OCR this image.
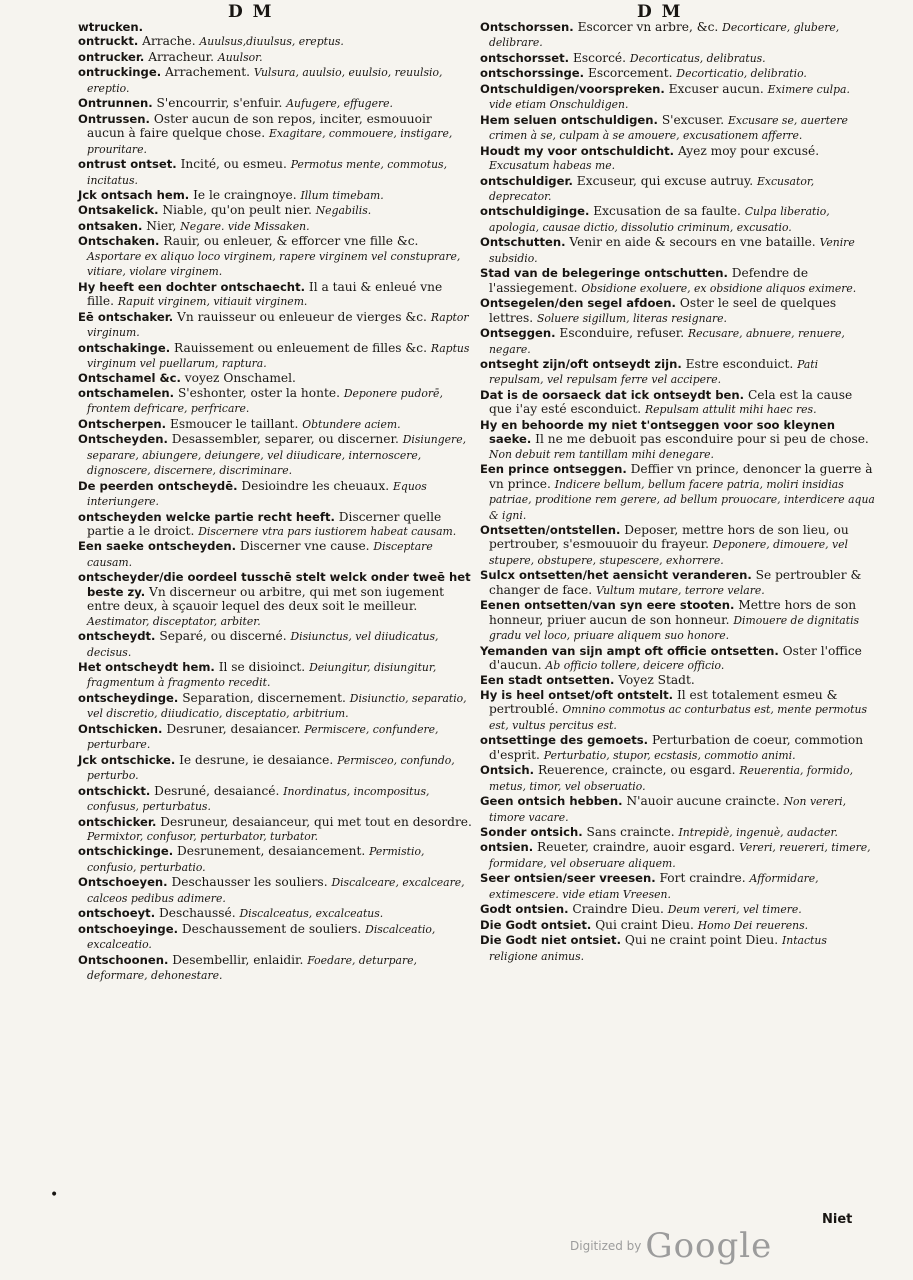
D M	D M

wtrucken.

ontruckt. Arrache. Auulsus,diuulsus, ereptus.

ontrucker. Arracheur. Auulsor.

ontruckinge. Arrachement. Vulsura, auulsio, euulsio, reuulsio, ereptio.

Ontrunnen. S'encourrir, s'enfuir. Aufugere, effugere.

Ontrussen. Oster aucun de son repos, inciter, esmouuoir aucun à faire quelque chose. Exagitare, commouere, instigare, prouritare.

ontrust ontset. Incité, ou esmeu. Permotus mente, commotus, incitatus.

Jck ontsach hem. Ie le craingnoye. Illum timebam.

Ontsakelick. Niable, qu'on peult nier. Negabilis.

ontsaken. Nier, Negare. vide Missaken.

Ontschaken. Rauir, ou enleuer, & efforcer vne fille &c. Asportare ex aliquo loco virginem, rapere virginem vel constuprare, vitiare, violare virginem.

Hy heeft een dochter ontschaecht. Il a taui & enleué vne fille. Rapuit virginem, vitiauit virginem.

Eē ontschaker. Vn rauisseur ou enleueur de vierges &c. Raptor virginum.

ontschakinge. Rauissement ou enleuement de filles &c. Raptus virginum vel puellarum, raptura.

Ontschamel &c. voyez Onschamel.

ontschamelen. S'eshonter, oster la honte. Deponere pudorē, frontem defricare, perfricare.

Ontscherpen. Esmoucer le taillant. Obtundere aciem.

Ontscheyden. Desassembler, separer, ou discerner. Disiungere, separare, abiungere, deiungere, vel diiudicare, internoscere, dignoscere, discernere, discriminare.

De peerden ontscheydē. Desioindre les cheuaux. Equos interiungere.

ontscheyden welcke partie recht heeft. Discerner quelle partie a le droict. Discernere vtra pars iustiorem habeat causam.

Een saeke ontscheyden. Discerner vne cause. Disceptare causam.

ontscheyder/die oordeel tusschē stelt welck onder tweē het beste zy. Vn discerneur ou arbitre, qui met son iugement entre deux, à sçauoir lequel des deux soit le meilleur. Aestimator, disceptator, arbiter.

ontscheydt. Separé, ou discerné. Disiunctus, vel diiudicatus, decisus.

Het ontscheydt hem. Il se disioinct. Deiungitur, disiungitur, fragmentum à fragmento recedit.

ontscheydinge. Separation, discernement. Disiunctio, separatio, vel discretio, diiudicatio, disceptatio, arbitrium.

Ontschicken. Desruner, desaiancer. Permiscere, confundere, perturbare.

Jck ontschicke. Ie desrune, ie desaiance. Permisceo, confundo, perturbo.

ontschickt. Desruné, desaiancé. Inordinatus, incompositus, confusus, perturbatus.

ontschicker. Desruneur, desaianceur, qui met tout en desordre. Permixtor, confusor, perturbator, turbator.

ontschickinge. Desrunement, desaiancement. Permistio, confusio, perturbatio.

Ontschoeyen. Deschausser les souliers. Discalceare, excalceare, calceos pedibus adimere.

ontschoeyt. Deschaussé. Discalceatus, excalceatus.

ontschoeyinge. Deschaussement de souliers. Discalceatio, excalceatio.

Ontschoonen. Desembellir, enlaidir. Foedare, deturpare, deformare, dehonestare.

Ontschorssen. Escorcer vn arbre, &c. Decorticare, glubere, delibrare.

ontschorsset. Escorcé. Decorticatus, delibratus.

ontschorssinge. Escorcement. Decorticatio, delibratio.

Ontschuldigen/voorspreken. Excuser aucun. Eximere culpa. vide etiam Onschuldigen.

Hem seluen ontschuldigen. S'excuser. Excusare se, auertere crimen à se, culpam à se amouere, excusationem afferre.

Houdt my voor ontschuldicht. Ayez moy pour excusé. Excusatum habeas me.

ontschuldiger. Excuseur, qui excuse autruy. Excusator, deprecator.

ontschuldiginge. Excusation de sa faulte. Culpa liberatio, apologia, causae dictio, dissolutio criminum, excusatio.

Ontschutten. Venir en aide & secours en vne bataille. Venire subsidio.

Stad van de belegeringe ontschutten. Defendre de l'assiegement. Obsidione exoluere, ex obsidione aliquos eximere.

Ontsegelen/den segel afdoen. Oster le seel de quelques lettres. Soluere sigillum, literas resignare.

Ontseggen. Esconduire, refuser. Recusare, abnuere, renuere, negare.

ontseght zijn/oft ontseydt zijn. Estre esconduict. Pati repulsam, vel repulsam ferre vel accipere.

Dat is de oorsaeck dat ick ontseydt ben. Cela est la cause que i'ay esté esconduict. Repulsam attulit mihi haec res.

Hy en behoorde my niet t'ontseggen voor soo kleynen saeke. Il ne me debuoit pas esconduire pour si peu de chose. Non debuit rem tantillam mihi denegare.

Een prince ontseggen. Deffier vn prince, denoncer la guerre à vn prince. Indicere bellum, bellum facere patria, moliri insidias patriae, proditione rem gerere, ad bellum prouocare, interdicere aqua & igni.

Ontsetten/ontstellen. Deposer, mettre hors de son lieu, ou pertrouber, s'esmouuoir du frayeur. Deponere, dimouere, vel stupere, obstupere, stupescere, exhorrere.

Sulcx ontsetten/het aensicht veranderen. Se pertroubler & changer de face. Vultum mutare, terrore velare.

Eenen ontsetten/van syn eere stooten. Mettre hors de son honneur, priuer aucun de son honneur. Dimouere de dignitatis gradu vel loco, priuare aliquem suo honore.

Yemanden van sijn ampt oft officie ontsetten. Oster l'office d'aucun. Ab officio tollere, deicere officio.

Een stadt ontsetten. Voyez Stadt.

Hy is heel ontset/oft ontstelt. Il est totalement esmeu & pertroublé. Omnino commotus ac conturbatus est, mente permotus est, vultus percitus est.

ontsettinge des gemoets. Perturbation de coeur, commotion d'esprit. Perturbatio, stupor, ecstasis, commotio animi.

Ontsich. Reuerence, craincte, ou esgard. Reuerentia, formido, metus, timor, vel obseruatio.

Geen ontsich hebben. N'auoir aucune craincte. Non vereri, timore vacare.

Sonder ontsich. Sans craincte. Intrepidè, ingenuè, audacter.

ontsien. Reueter, craindre, auoir esgard. Vereri, reuereri, timere, formidare, vel obseruare aliquem.

Seer ontsien/seer vreesen. Fort craindre. Afformidare, extimescere. vide etiam Vreesen.

Godt ontsien. Craindre Dieu. Deum vereri, vel timere.

Die Godt ontsiet. Qui craint Dieu. Homo Dei reuerens.

Die Godt niet ontsiet. Qui ne craint point Dieu. Intactus religione animus.

•
Niet
$^{Digitized by}$ Google
